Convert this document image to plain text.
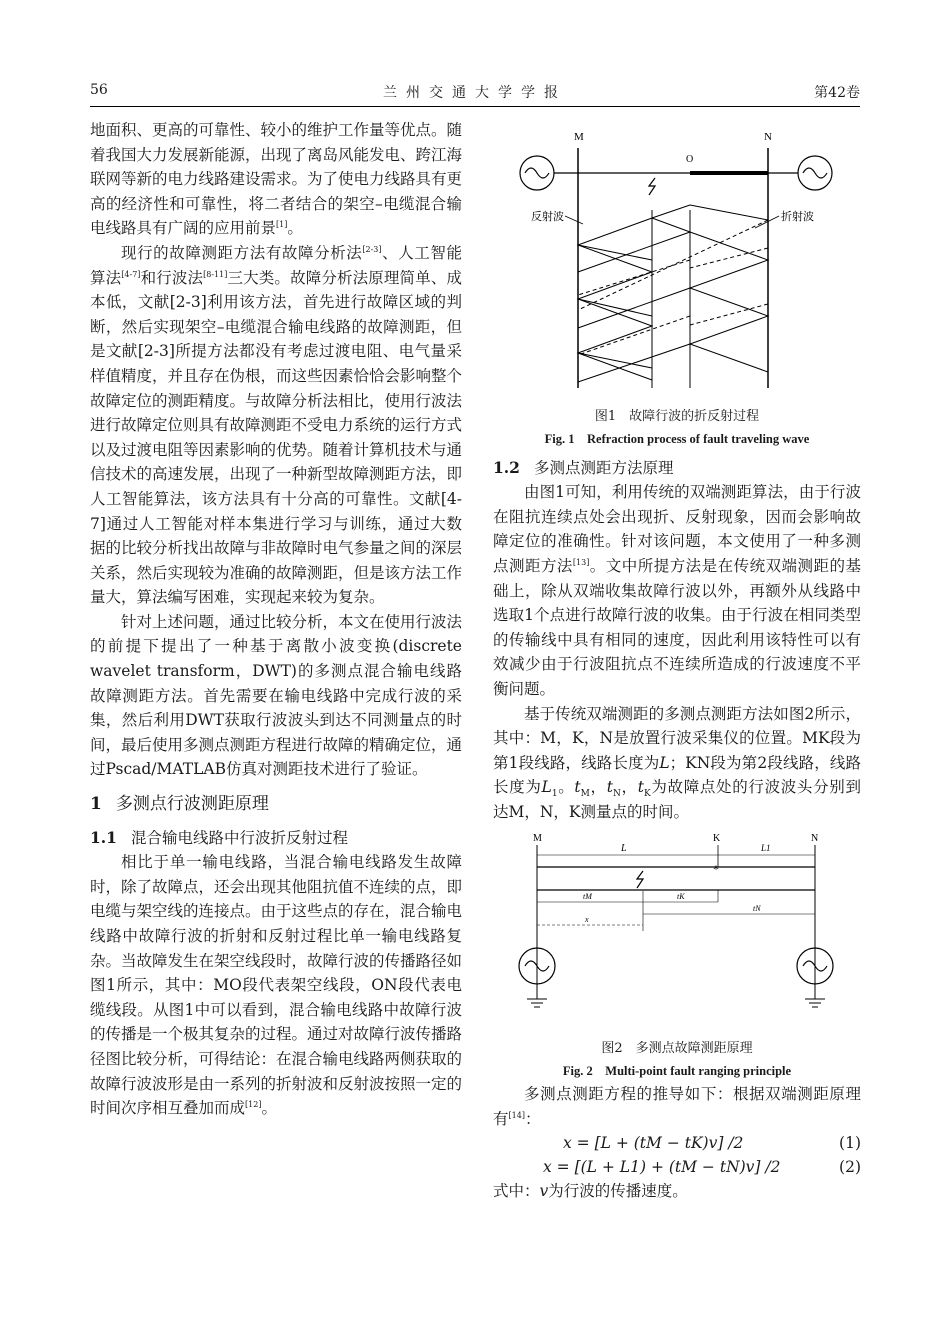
56	兰州交通大学学报	第42卷

地面积、更高的可靠性、较小的维护工作量等优点。随着我国大力发展新能源，出现了离岛风能发电、跨江海联网等新的电力线路建设需求。为了使电力线路具有更高的经济性和可靠性，将二者结合的架空–电缆混合输电线路具有广阔的应用前景[1]。

现行的故障测距方法有故障分析法[2-3]、人工智能算法[4-7]和行波法[8-11]三大类。故障分析法原理简单、成本低，文献[2-3]利用该方法，首先进行故障区域的判断，然后实现架空–电缆混合输电线路的故障测距，但是文献[2-3]所提方法都没有考虑过渡电阻、电气量采样值精度，并且存在伪根，而这些因素恰恰会影响整个故障定位的测距精度。与故障分析法相比，使用行波法进行故障定位则具有故障测距不受电力系统的运行方式以及过渡电阻等因素影响的优势。随着计算机技术与通信技术的高速发展，出现了一种新型故障测距方法，即人工智能算法，该方法具有十分高的可靠性。文献[4-7]通过人工智能对样本集进行学习与训练，通过大数据的比较分析找出故障与非故障时电气参量之间的深层关系，然后实现较为准确的故障测距，但是该方法工作量大，算法编写困难，实现起来较为复杂。

针对上述问题，通过比较分析，本文在使用行波法的前提下提出了一种基于离散小波变换(discrete wavelet transform，DWT)的多测点混合输电线路故障测距方法。首先需要在输电线路中完成行波的采集，然后利用DWT获取行波波头到达不同测量点的时间，最后使用多测点测距方程进行故障的精确定位，通过Pscad/MATLAB仿真对测距技术进行了验证。

1 多测点行波测距原理
1.1 混合输电线路中行波折反射过程

相比于单一输电线路，当混合输电线路发生故障时，除了故障点，还会出现其他阻抗值不连续的点，即电缆与架空线的连接点。由于这些点的存在，混合输电线路中故障行波的折射和反射过程比单一输电线路复杂。当故障发生在架空线段时，故障行波的传播路径如图1所示，其中：MO段代表架空线段，ON段代表电缆线段。从图1中可以看到，混合输电线路中故障行波的传播是一个极其复杂的过程。通过对故障行波传播路径图比较分析，可得结论：在混合输电线路两侧获取的故障行波波形是由一系列的折射波和反射波按照一定的时间次序相互叠加而成[12]。

M	N
O
反射波	折射波
图1　故障行波的折反射过程
Fig. 1　Refraction process of fault traveling wave
1.2 多测点测距方法原理

由图1可知，利用传统的双端测距算法，由于行波在阻抗连续点处会出现折、反射现象，因而会影响故障定位的准确性。针对该问题，本文使用了一种多测点测距方法[13]。文中所提方法是在传统双端测距的基础上，除从双端收集故障行波以外，再额外从线路中选取1个点进行故障行波的收集。由于行波在相同类型的传输线中具有相同的速度，因此利用该特性可以有效减少由于行波阻抗点不连续所造成的行波速度不平衡问题。

基于传统双端测距的多测点测距方法如图2所示，其中：M，K，N是放置行波采集仪的位置。MK段为第1段线路，线路长度为L；KN段为第2段线路，线路长度为$L_1$。$t_M$，$t_N$，$t_K$为故障点处的行波波头分别到达M，N，K测量点的时间。

M	K	N
L	L1
*
tM	tK
tN
x
图2　多测点故障测距原理
Fig. 2　Multi-point fault ranging principle

多测点测距方程的推导如下：根据双端测距原理有[14]：

x = [L + (tM − tK)v] /2	(1)
x = [(L + L1) + (tM − tN)v] /2	(2)

式中：v为行波的传播速度。
